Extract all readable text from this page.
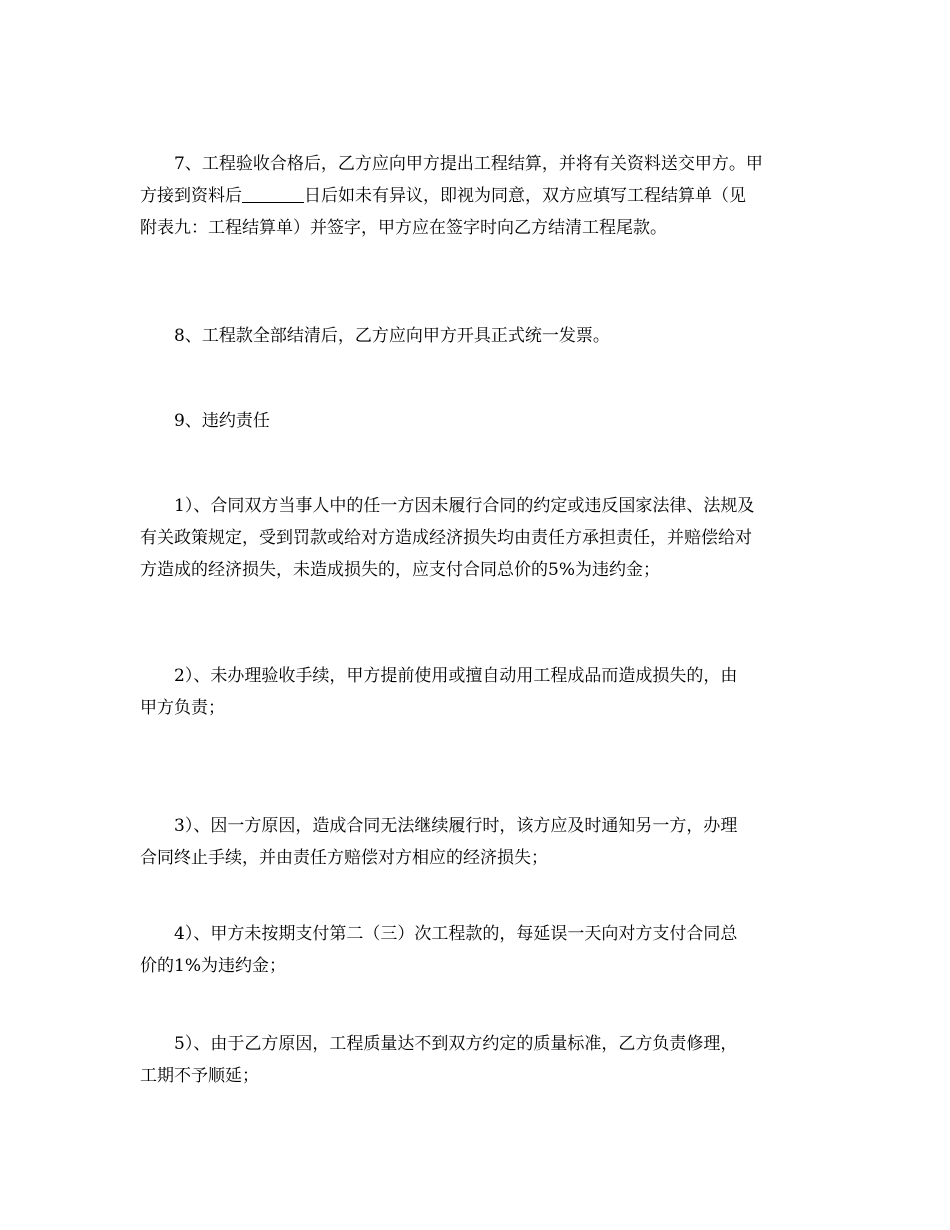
7、工程验收合格后，乙方应向甲方提出工程结算，并将有关资料送交甲方。甲
方接到资料后	日后如未有异议，即视为同意，双方应填写工程结算单（见
附表九：工程结算单）并签字，甲方应在签字时向乙方结清工程尾款。
8、工程款全部结清后，乙方应向甲方开具正式统一发票。
9、违约责任
1）、合同双方当事人中的任一方因未履行合同的约定或违反国家法律、法规及
有关政策规定，受到罚款或给对方造成经济损失均由责任方承担责任，并赔偿给对
方造成的经济损失，未造成损失的，应支付合同总价的5%为违约金；
2）、未办理验收手续，甲方提前使用或擅自动用工程成品而造成损失的，由
甲方负责；
3）、因一方原因，造成合同无法继续履行时，该方应及时通知另一方，办理
合同终止手续，并由责任方赔偿对方相应的经济损失；
4）、甲方未按期支付第二（三）次工程款的，每延误一天向对方支付合同总
价的1%为违约金；
5）、由于乙方原因，工程质量达不到双方约定的质量标准，乙方负责修理，
工期不予顺延；
